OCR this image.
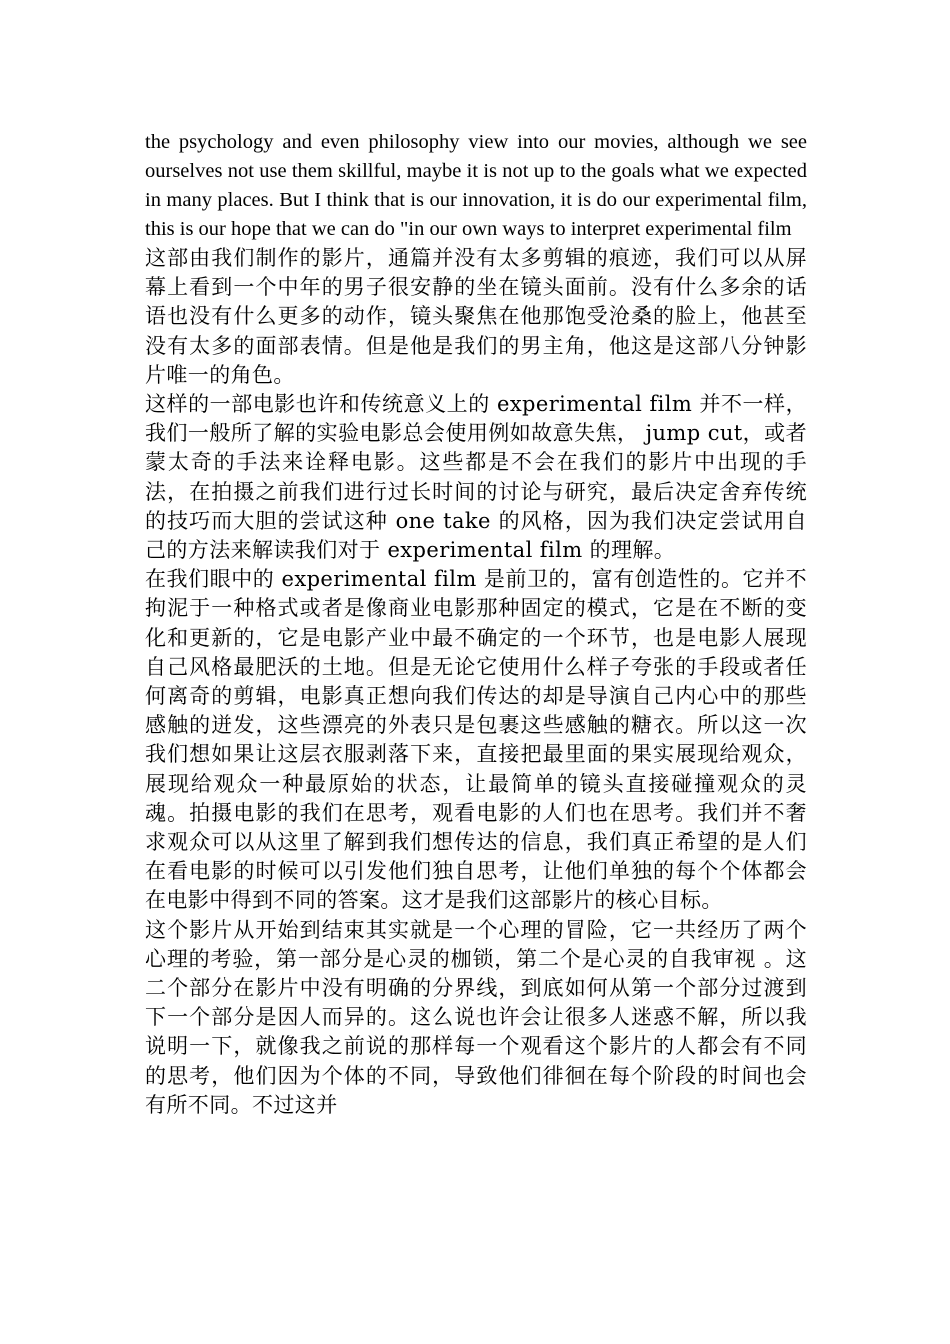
the psychology and even philosophy view into our movies, although we see ourselves not use them skillful, maybe it is not up to the goals what we expected in many places. But I think that is our innovation, it is do our experimental film, this is our hope that we can do "in our own ways to interpret experimental film

这部由我们制作的影片，通篇并没有太多剪辑的痕迹，我们可以从屏幕上看到一个中年的男子很安静的坐在镜头面前。没有什么多余的话语也没有什么更多的动作，镜头聚焦在他那饱受沧桑的脸上，他甚至没有太多的面部表情。但是他是我们的男主角，他这是这部八分钟影片唯一的角色。

这样的一部电影也许和传统意义上的 experimental film 并不一样，我们一般所了解的实验电影总会使用例如故意失焦， jump cut，或者蒙太奇的手法来诠释电影。这些都是不会在我们的影片中出现的手法，在拍摄之前我们进行过长时间的讨论与研究，最后决定舍弃传统的技巧而大胆的尝试这种 one take 的风格，因为我们决定尝试用自己的方法来解读我们对于 experimental film 的理解。

在我们眼中的 experimental film 是前卫的，富有创造性的。它并不拘泥于一种格式或者是像商业电影那种固定的模式，它是在不断的变化和更新的，它是电影产业中最不确定的一个环节，也是电影人展现自己风格最肥沃的土地。但是无论它使用什么样子夸张的手段或者任何离奇的剪辑，电影真正想向我们传达的却是导演自己内心中的那些感触的迸发，这些漂亮的外表只是包裹这些感触的糖衣。所以这一次我们想如果让这层衣服剥落下来，直接把最里面的果实展现给观众，展现给观众一种最原始的状态，让最简单的镜头直接碰撞观众的灵魂。拍摄电影的我们在思考，观看电影的人们也在思考。我们并不奢求观众可以从这里了解到我们想传达的信息，我们真正希望的是人们在看电影的时候可以引发他们独自思考，让他们单独的每个个体都会在电影中得到不同的答案。这才是我们这部影片的核心目标。

这个影片从开始到结束其实就是一个心理的冒险，它一共经历了两个心理的考验，第一部分是心灵的枷锁，第二个是心灵的自我审视 。这二个部分在影片中没有明确的分界线，到底如何从第一个部分过渡到下一个部分是因人而异的。这么说也许会让很多人迷惑不解，所以我说明一下，就像我之前说的那样每一个观看这个影片的人都会有不同的思考，他们因为个体的不同，导致他们徘徊在每个阶段的时间也会有所不同。不过这并
